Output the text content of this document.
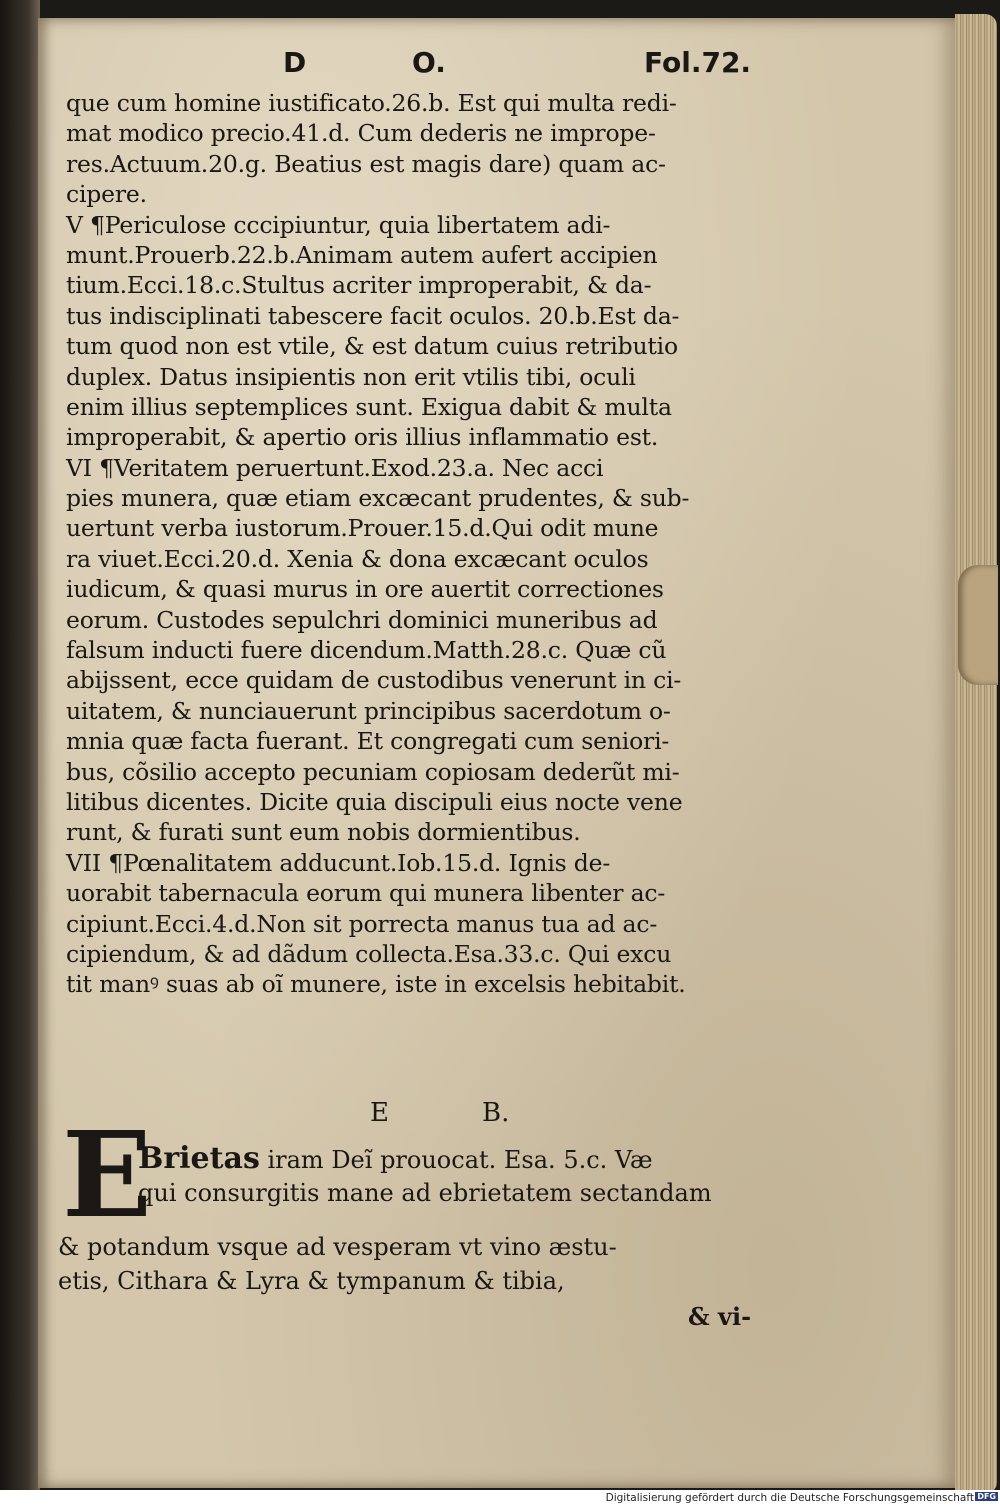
D	O.	Fol.72.
que cum homine iustificato.26.b. Est qui multa redi-
mat modico precio.41.d. Cum dederis ne imprope-
res.Actuum.20.g. Beatius est magis dare) quam ac-
cipere.
V ¶Periculose cccipiuntur, quia libertatem adi-
munt.Prouerb.22.b.Animam autem aufert accipien
tium.Ecci.18.c.Stultus acriter improperabit, & da-
tus indisciplinati tabescere facit oculos. 20.b.Est da-
tum quod non est vtile, & est datum cuius retributio
duplex. Datus insipientis non erit vtilis tibi, oculi
enim illius septemplices sunt. Exigua dabit & multa
improperabit, & apertio oris illius inflammatio est.
VI ¶Veritatem peruertunt.Exod.23.a. Nec acci
pies munera, quæ etiam excæcant prudentes, & sub-
uertunt verba iustorum.Prouer.15.d.Qui odit mune
ra viuet.Ecci.20.d. Xenia & dona excæcant oculos
iudicum, & quasi murus in ore auertit correctiones
eorum. Custodes sepulchri dominici muneribus ad
falsum inducti fuere dicendum.Matth.28.c. Quæ cũ
abijssent, ecce quidam de custodibus venerunt in ci-
uitatem, & nunciauerunt principibus sacerdotum o-
mnia quæ facta fuerant. Et congregati cum seniori-
bus, cõsilio accepto pecuniam copiosam dederũt mi-
litibus dicentes. Dicite quia discipuli eius nocte vene
runt, & furati sunt eum nobis dormientibus.
VII ¶Pœnalitatem adducunt.Iob.15.d. Ignis de-
uorabit tabernacula eorum qui munera libenter ac-
cipiunt.Ecci.4.d.Non sit porrecta manus tua ad ac-
cipiendum, & ad dãdum collecta.Esa.33.c. Qui excu
tit manꝰ suas ab oĩ munere, iste in excelsis hebitabit.
E	B.
E
Brietas iram Deĩ prouocat. Esa. 5.c. Væ
qui consurgitis mane ad ebrietatem sectandam
& potandum vsque ad vesperam vt vino æstu-
etis, Cithara & Lyra & tympanum & tibia,
& vi-
Digitalisierung gefördert durch die Deutsche Forschungsgemeinschaft DFG
